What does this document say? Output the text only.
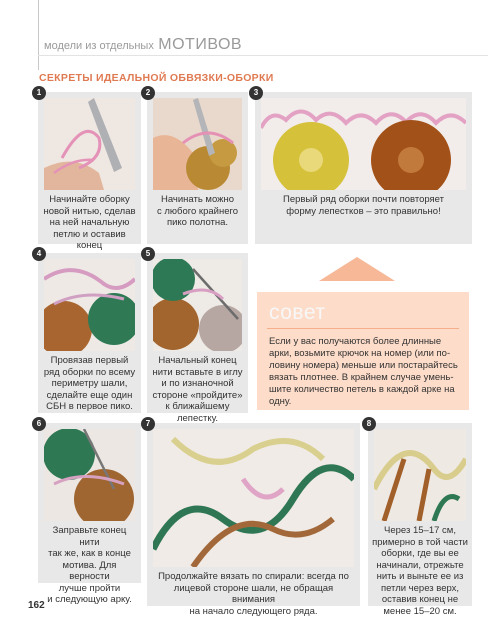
модели из отдельных МОТИВОВ
СЕКРЕТЫ ИДЕАЛЬНОЙ ОБВЯЗКИ-ОБОРКИ
1
Начинайте оборку
новой нитью, сделав
на ней начальную
петлю и оставив конец
2
Начинать можно
с любого крайнего
пико полотна.
3
Первый ряд оборки почти повторяет
форму лепестков – это правильно!
4
Провязав первый
ряд оборки по всему
периметру шали,
сделайте еще один
СБН в первое пико.
5
Начальный конец
нити вставьте в иглу
и по изнаночной
стороне «пройдите»
к ближайшему
лепестку.
совет
Если у вас получаются более длинные
арки, возьмите крючок на номер (или по-
ловину номера) меньше или постарайтесь
вязать плотнее. В крайнем случае умень-
шите количество петель в каждой арке на
одну.
6
Заправьте конец нити
так же, как в конце
мотива. Для верности
лучше пройти
и следующую арку.
7
Продолжайте вязать по спирали: всегда по
лицевой стороне шали, не обращая внимания
на начало следующего ряда.
8
Через 15–17 см,
примерно в той части
оборки, где вы ее
начинали, отрежьте
нить и выньте ее из
петли через верх,
оставив конец не
менее 15–20 см.
162
